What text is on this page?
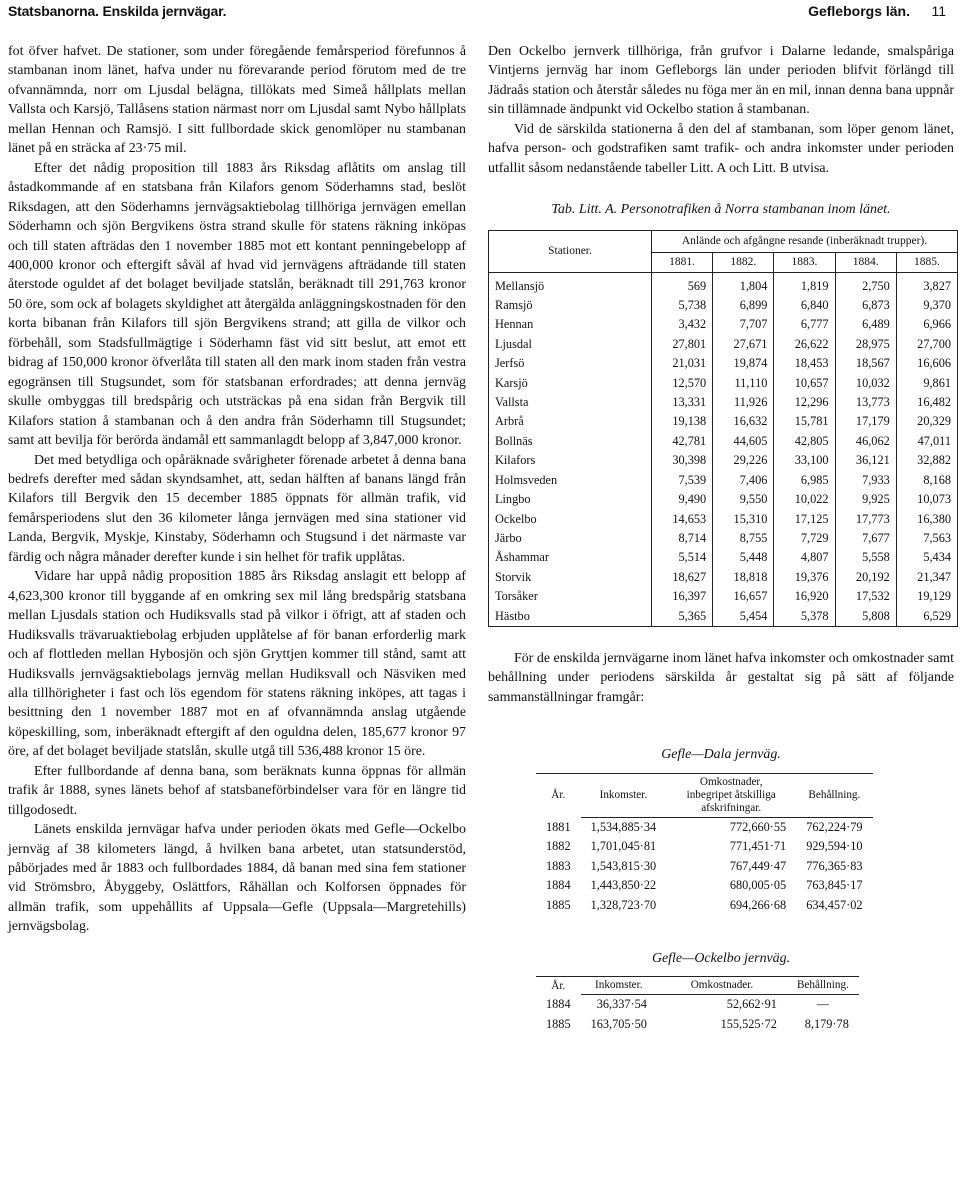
Statsbanorna. Enskilda jernvägar.	Gefleborgs län. 11

fot öfver hafvet. De stationer, som under föregående femårsperiod förefunnos å stambanan inom länet, hafva under nu förevarande period förutom med de tre ofvannämnda, norr om Ljusdal belägna, tillökats med Simeå hållplats mellan Vallsta och Karsjö, Tallåsens station närmast norr om Ljusdal samt Nybo hållplats mellan Hennan och Ramsjö. I sitt fullbordade skick genomlöper nu stambanan länet på en sträcka af 23·75 mil.

Efter det nådig proposition till 1883 års Riksdag aflåtits om anslag till åstadkommande af en statsbana från Kilafors genom Söderhamns stad, beslöt Riksdagen, att den Söderhamns jernvägsaktiebolag tillhöriga jernvägen emellan Söderhamn och sjön Bergvikens östra strand skulle för statens räkning inköpas och till staten afträdas den 1 november 1885 mot ett kontant penningebelopp af 400,000 kronor och eftergift såväl af hvad vid jernvägens afträdande till staten återstode oguldet af det bolaget beviljade statslån, beräknadt till 291,763 kronor 50 öre, som ock af bolagets skyldighet att återgälda anläggningskostnaden för den korta bibanan från Kilafors till sjön Bergvikens strand; att gilla de vilkor och förbehåll, som Stadsfullmägtige i Söderhamn fäst vid sitt beslut, att emot ett bidrag af 150,000 kronor öfverlåta till staten all den mark inom staden från vestra egogränsen till Stugsundet, som för statsbanan erfordrades; att denna jernväg skulle ombyggas till bredspårig och utsträckas på ena sidan från Bergvik till Kilafors station å stambanan och å den andra från Söderhamn till Stugsundet; samt att bevilja för berörda ändamål ett sammanlagdt belopp af 3,847,000 kronor.

Det med betydliga och opåräknade svårigheter förenade arbetet å denna bana bedrefs derefter med sådan skyndsamhet, att, sedan hälften af banans längd från Kilafors till Bergvik den 15 december 1885 öppnats för allmän trafik, vid femårsperiodens slut den 36 kilometer långa jernvägen med sina stationer vid Landa, Bergvik, Myskje, Kinstaby, Söderhamn och Stugsund i det närmaste var färdig och några månader derefter kunde i sin helhet för trafik upplåtas.

Vidare har uppå nådig proposition 1885 års Riksdag anslagit ett belopp af 4,623,300 kronor till byggande af en omkring sex mil lång bredspårig statsbana mellan Ljusdals station och Hudiksvalls stad på vilkor i öfrigt, att af staden och Hudiksvalls trävaruaktiebolag erbjuden upplåtelse af för banan erforderlig mark och af flottleden mellan Hybosjön och sjön Gryttjen kommer till stånd, samt att Hudiksvalls jernvägsaktiebolags jernväg mellan Hudiksvall och Näsviken med alla tillhörigheter i fast och lös egendom för statens räkning inköpes, att tagas i besittning den 1 november 1887 mot en af ofvannämnda anslag utgående köpeskilling, som, inberäknadt eftergift af den oguldna delen, 185,677 kronor 97 öre, af det bolaget beviljade statslån, skulle utgå till 536,488 kronor 15 öre.

Efter fullbordande af denna bana, som beräknats kunna öppnas för allmän trafik år 1888, synes länets behof af statsbaneförbindelser vara för en längre tid tillgodosedt.

Länets enskilda jernvägar hafva under perioden ökats med Gefle—Ockelbo jernväg af 38 kilometers längd, å hvilken bana arbetet, utan statsunderstöd, påbörjades med år 1883 och fullbordades 1884, då banan med sina fem stationer vid Strömsbro, Åbyggeby, Oslättfors, Råhällan och Kolforsen öppnades för allmän trafik, som uppehållits af Uppsala—Gefle (Uppsala—Margretehills) jernvägsbolag.

Den Ockelbo jernverk tillhöriga, från grufvor i Dalarne ledande, smalspåriga Vintjerns jernväg har inom Gefleborgs län under perioden blifvit förlängd till Jädraås station och återstår således nu föga mer än en mil, innan denna bana uppnår sin tillämnade ändpunkt vid Ockelbo station å stambanan.

Vid de särskilda stationerna å den del af stambanan, som löper genom länet, hafva person- och godstrafiken samt trafik- och andra inkomster under perioden utfallit såsom nedanstående tabeller Litt. A och Litt. B utvisa.

Tab. Litt. A. Personotrafiken å Norra stambanan inom länet.
Stationer.	Anlände och afgångne resande (inberäknadt trupper).				
	1881.	1882.	1883.	1884.	1885.
Mellansjö	569	1,804	1,819	2,750	3,827
Ramsjö	5,738	6,899	6,840	6,873	9,370
Hennan	3,432	7,707	6,777	6,489	6,966
Ljusdal	27,801	27,671	26,622	28,975	27,700
Jerfsö	21,031	19,874	18,453	18,567	16,606
Karsjö	12,570	11,110	10,657	10,032	9,861
Vallsta	13,331	11,926	12,296	13,773	16,482
Arbrå	19,138	16,632	15,781	17,179	20,329
Bollnäs	42,781	44,605	42,805	46,062	47,011
Kilafors	30,398	29,226	33,100	36,121	32,882
Holmsveden	7,539	7,406	6,985	7,933	8,168
Lingbo	9,490	9,550	10,022	9,925	10,073
Ockelbo	14,653	15,310	17,125	17,773	16,380
Järbo	8,714	8,755	7,729	7,677	7,563
Åshammar	5,514	5,448	4,807	5,558	5,434
Storvik	18,627	18,818	19,376	20,192	21,347
Torsåker	16,397	16,657	16,920	17,532	19,129
Hästbo	5,365	5,454	5,378	5,808	6,529

För de enskilda jernvägarne inom länet hafva inkomster och omkostnader samt behållning under periodens särskilda år gestaltat sig på sätt af följande sammanställningar framgår:

Gefle—Dala jernväg.
År.	Inkomster.	Omkostnader, inbegripet åtskilliga afskrifningar.	Behållning.
1881	1,534,885·34	772,660·55	762,224·79
1882	1,701,045·81	771,451·71	929,594·10
1883	1,543,815·30	767,449·47	776,365·83
1884	1,443,850·22	680,005·05	763,845·17
1885	1,328,723·70	694,266·68	634,457·02
Gefle—Ockelbo jernväg.
År.	Inkomster.	Omkostnader.	Behållning.
1884	36,337·54	52,662·91	—
1885	163,705·50	155,525·72	8,179·78
